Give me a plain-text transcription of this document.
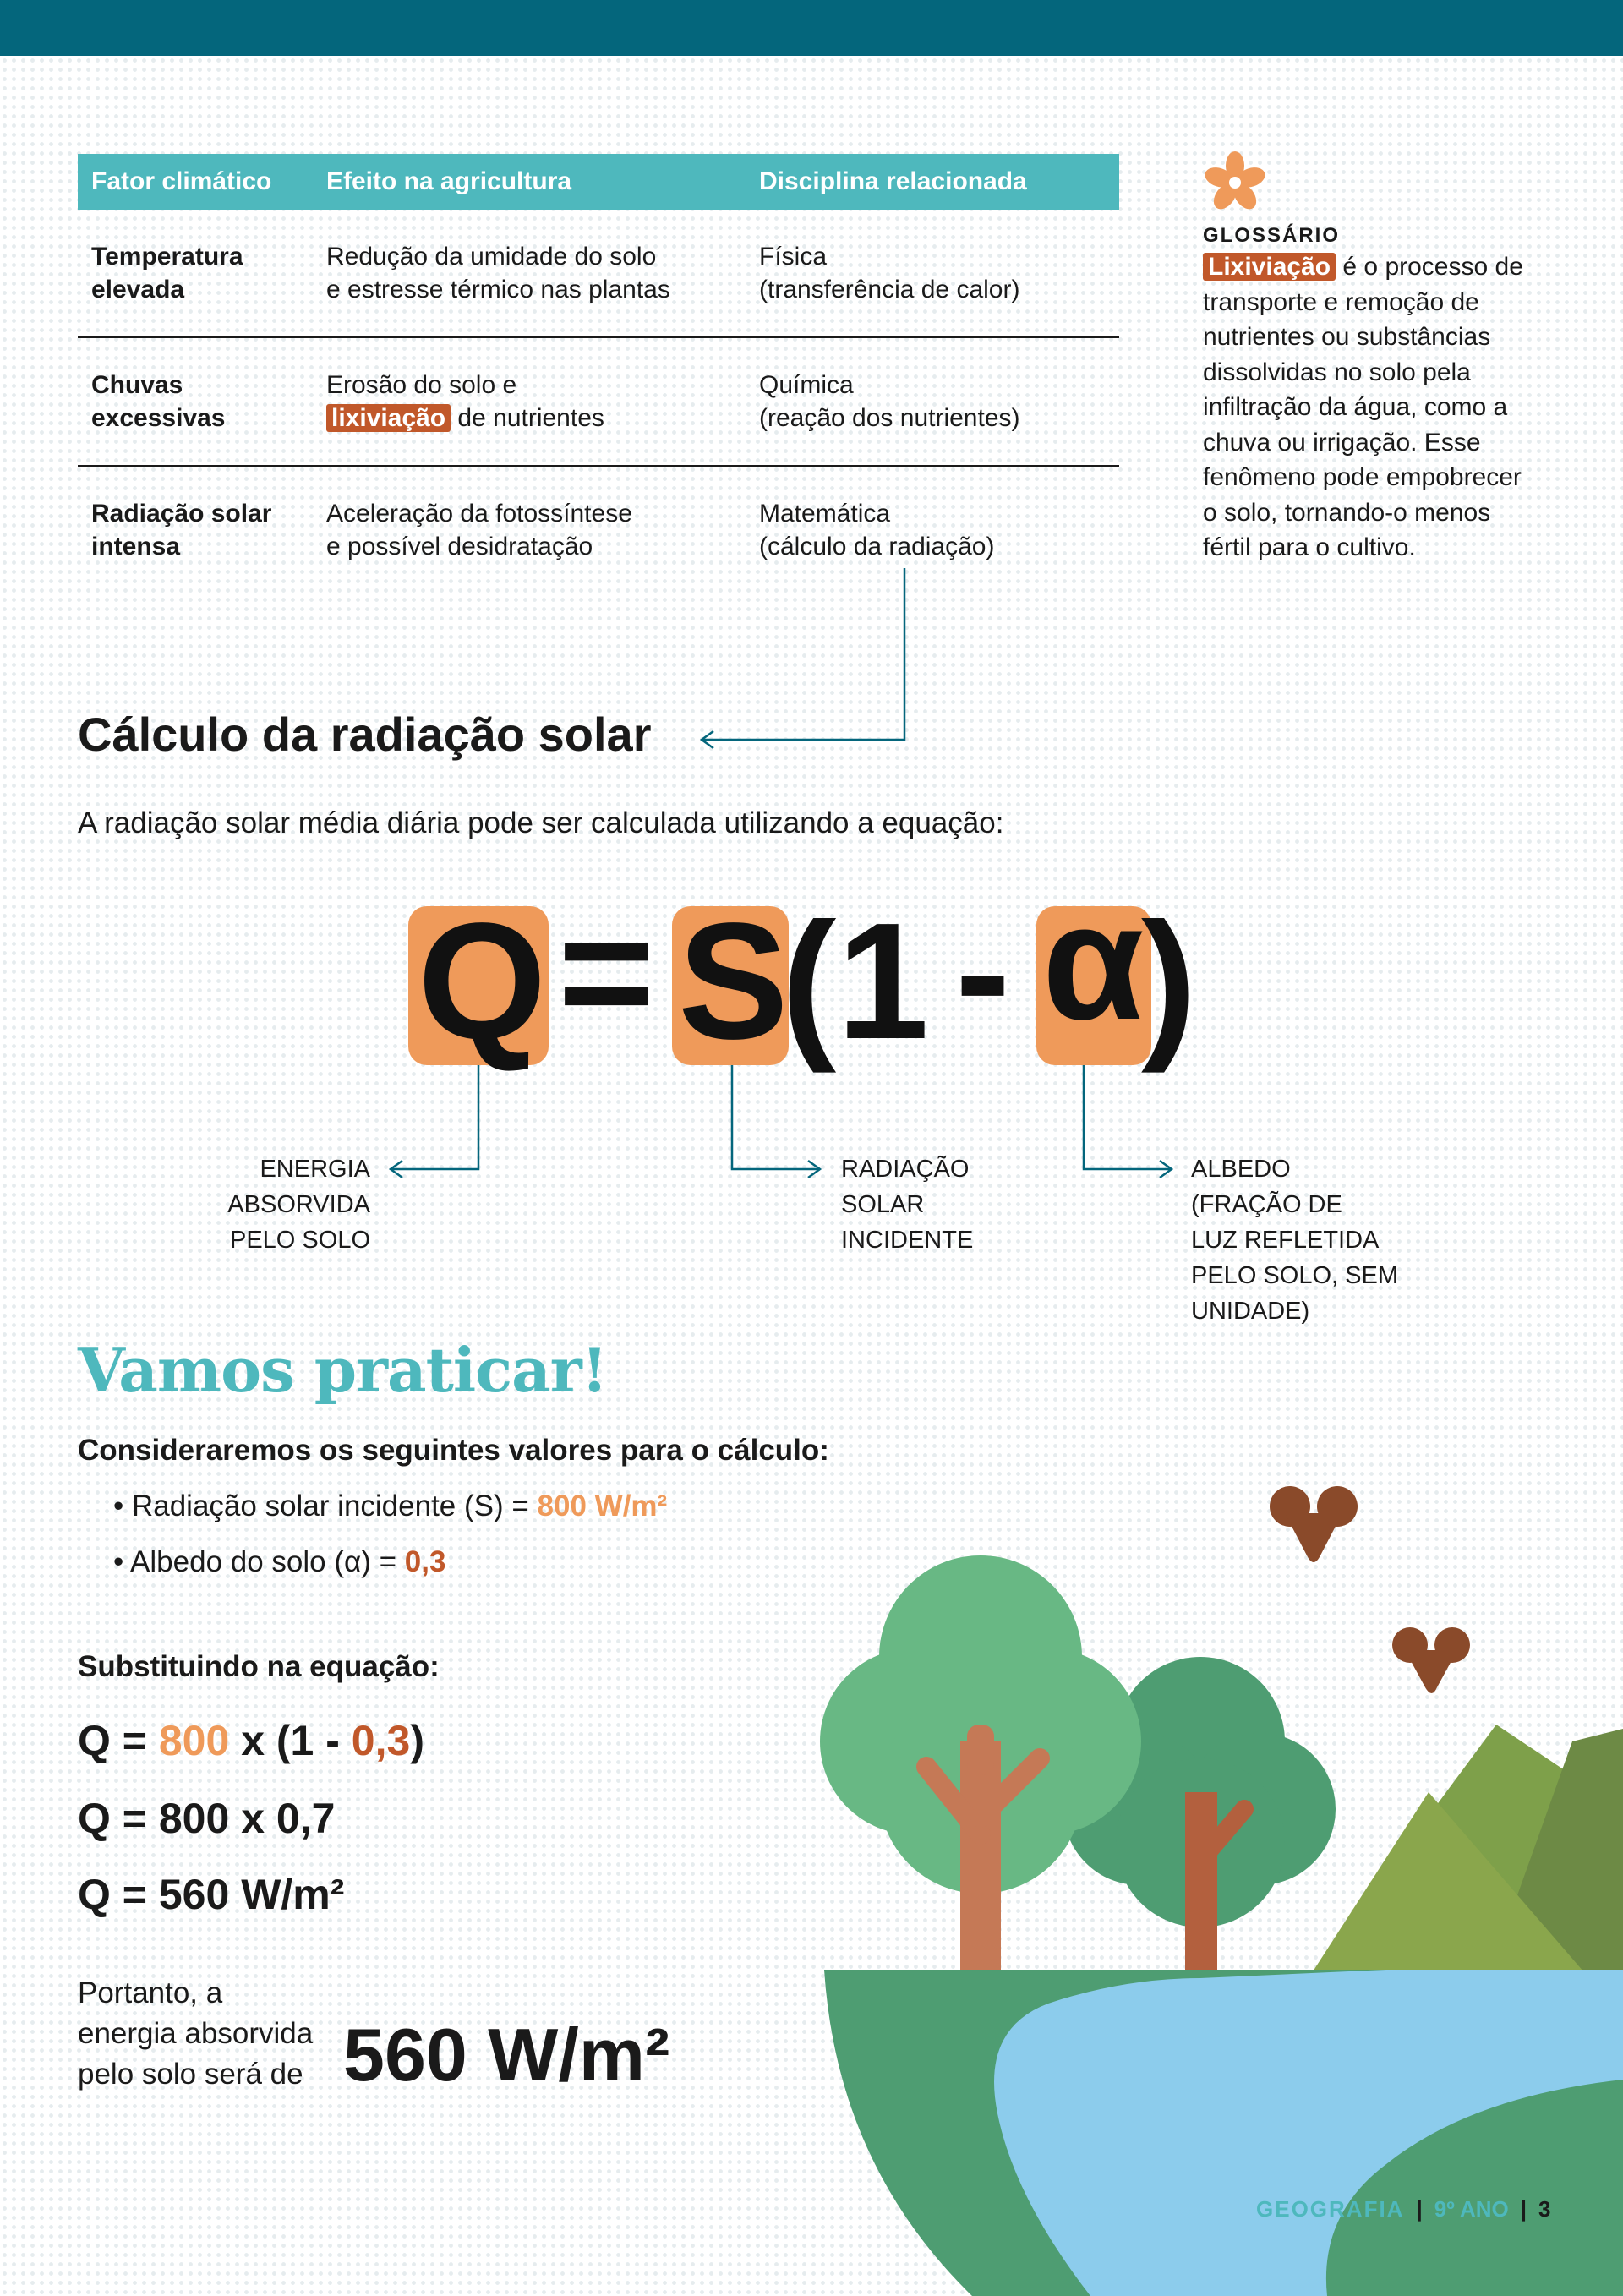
Fator climático	Efeito na agricultura	Disciplina relacionada
Temperatura
elevada
Redução da umidade do solo
e estresse térmico nas plantas
Física
(transferência de calor)
Chuvas
excessivas
Erosão do solo e
lixiviação de nutrientes
Química
(reação dos nutrientes)
Radiação solar
intensa
Aceleração da fotossíntese
e possível desidratação
Matemática
(cálculo da radiação)
GLOSSÁRIO
Lixiviação é o processo de transporte e remoção de nutrientes ou substâncias dissolvidas no solo pela infiltração da água, como a chuva ou irrigação. Esse fenômeno pode empobrecer o solo, tornando-o menos fértil para o cultivo.
Cálculo da radiação solar
A radiação solar média diária pode ser calculada utilizando a equação:
Q = S
( 1 - α
)
ENERGIA
ABSORVIDA
PELO SOLO
RADIAÇÃO
SOLAR
INCIDENTE
ALBEDO
(FRAÇÃO DE
LUZ REFLETIDA
PELO SOLO, SEM
UNIDADE)
Vamos praticar!
Consideraremos os seguintes valores para o cálculo:
• Radiação solar incidente (S) = 800 W/m²
• Albedo do solo (α) = 0,3
Substituindo na equação:
Q = 800 x (1 - 0,3)
Q = 800 x 0,7
Q = 560 W/m²
Portanto, a
energia absorvida
pelo solo será de 560 W/m²
GEOGRAFIA | 9º ANO | 3
